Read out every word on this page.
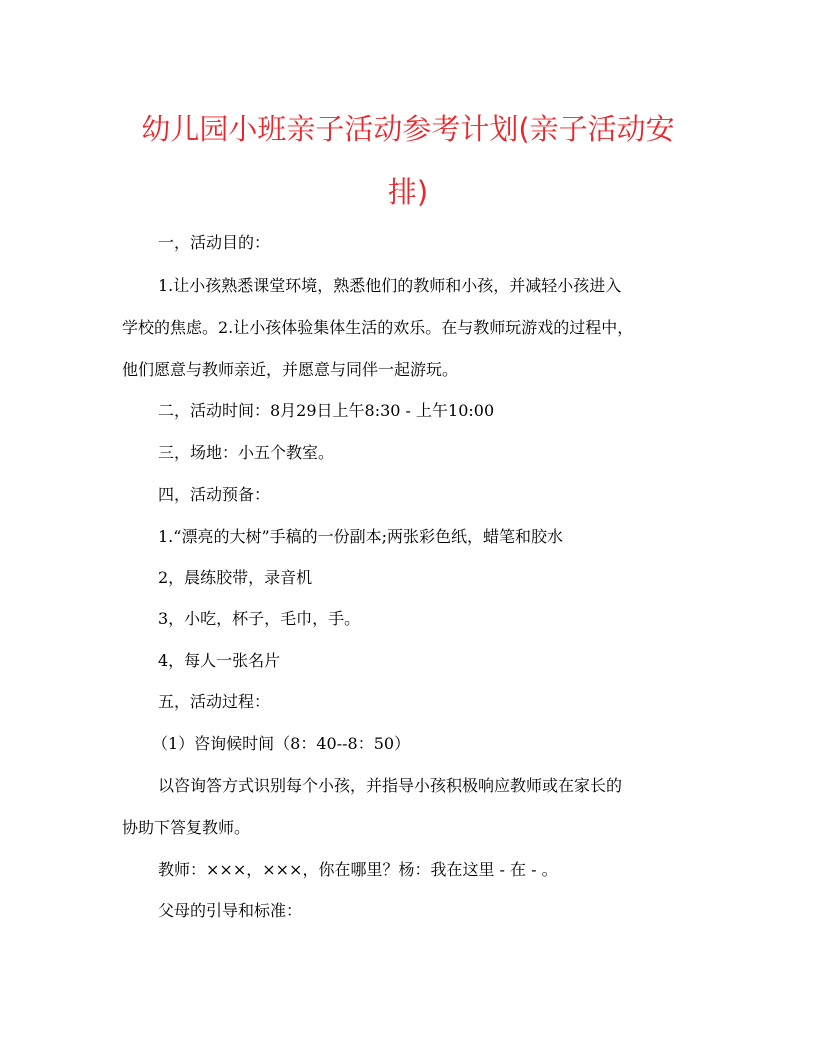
幼儿园小班亲子活动参考计划(亲子活动安
排)
一，活动目的：
1.让小孩熟悉课堂环境，熟悉他们的教师和小孩，并减轻小孩进入
学校的焦虑。2.让小孩体验集体生活的欢乐。在与教师玩游戏的过程中，
他们愿意与教师亲近，并愿意与同伴一起游玩。
二，活动时间：8月29日上午8:30 - 上午10:00
三，场地：小五个教室。
四，活动预备：
1.“漂亮的大树”手稿的一份副本;两张彩色纸，蜡笔和胶水
2，晨练胶带，录音机
3，小吃，杯子，毛巾，手。
4，每人一张名片
五，活动过程：
（1）咨询候时间（8：40--8：50）
以咨询答方式识别每个小孩，并指导小孩积极响应教师或在家长的
协助下答复教师。
教师：×××，×××，你在哪里？杨：我在这里 - 在 - 。
父母的引导和标准：
